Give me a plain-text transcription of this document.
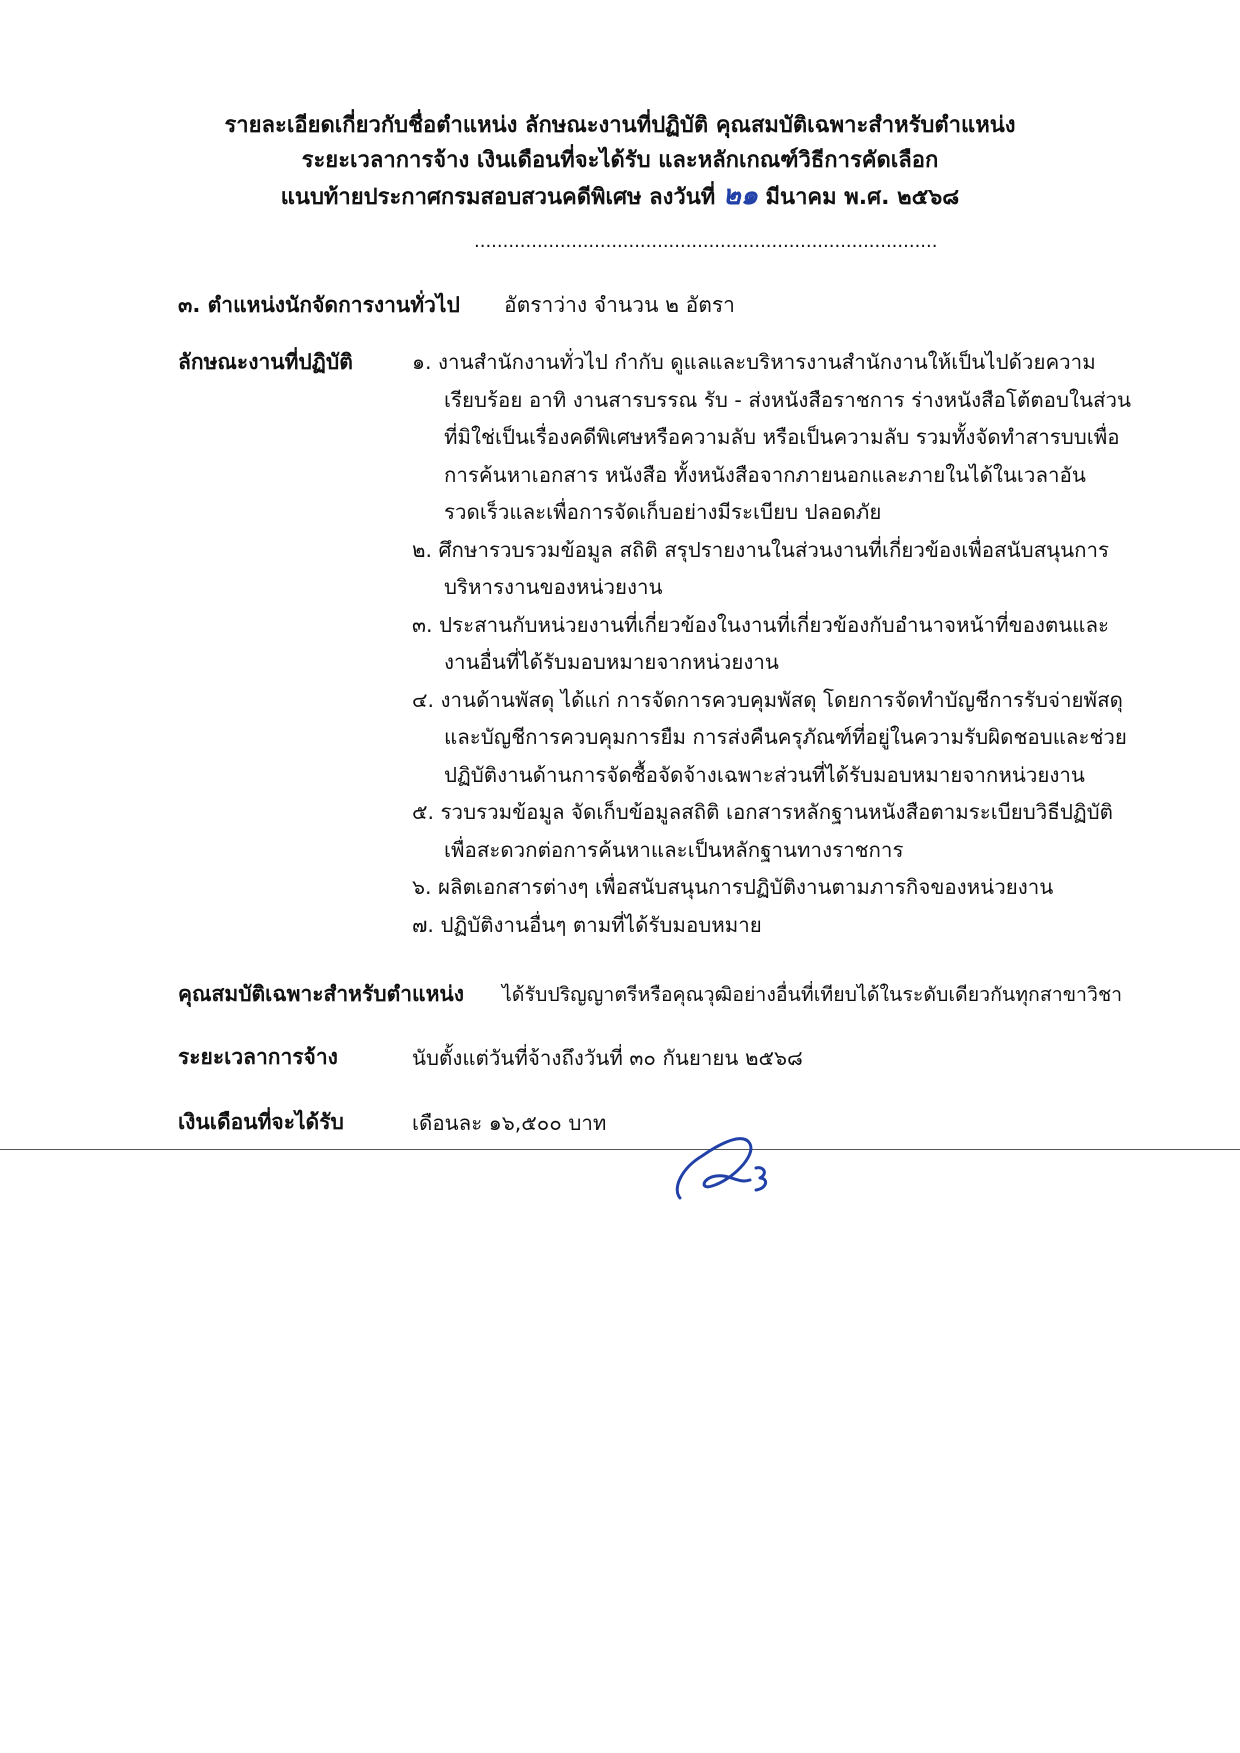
รายละเอียดเกี่ยวกับชื่อตำแหน่ง ลักษณะงานที่ปฏิบัติ คุณสมบัติเฉพาะสำหรับตำแหน่ง
ระยะเวลาการจ้าง เงินเดือนที่จะได้รับ และหลักเกณฑ์วิธีการคัดเลือก
แนบท้ายประกาศกรมสอบสวนคดีพิเศษ ลงวันที่ ๒๑ มีนาคม พ.ศ. ๒๕๖๘
.................................................................................
๓. ตำแหน่งนักจัดการงานทั่วไป อัตราว่าง จำนวน ๒ อัตรา
ลักษณะงานที่ปฏิบัติ	๑. งานสำนักงานทั่วไป กำกับ ดูแลและบริหารงานสำนักงานให้เป็นไปด้วยความเรียบร้อย อาทิ งานสารบรรณ รับ - ส่งหนังสือราชการ ร่างหนังสือโต้ตอบในส่วนที่มิใช่เป็นเรื่องคดีพิเศษหรือความลับ หรือเป็นความลับ รวมทั้งจัดทำสารบบเพื่อการค้นหาเอกสาร หนังสือ ทั้งหนังสือจากภายนอกและภายในได้ในเวลาอันรวดเร็วและเพื่อการจัดเก็บอย่างมีระเบียบ ปลอดภัย
๒. ศึกษารวบรวมข้อมูล สถิติ สรุปรายงานในส่วนงานที่เกี่ยวข้องเพื่อสนับสนุนการบริหารงานของหน่วยงาน
๓. ประสานกับหน่วยงานที่เกี่ยวข้องในงานที่เกี่ยวข้องกับอำนาจหน้าที่ของตนและงานอื่นที่ได้รับมอบหมายจากหน่วยงาน
๔. งานด้านพัสดุ ได้แก่ การจัดการควบคุมพัสดุ โดยการจัดทำบัญชีการรับจ่ายพัสดุและบัญชีการควบคุมการยืม การส่งคืนครุภัณฑ์ที่อยู่ในความรับผิดชอบและช่วยปฏิบัติงานด้านการจัดซื้อจัดจ้างเฉพาะส่วนที่ได้รับมอบหมายจากหน่วยงาน
๕. รวบรวมข้อมูล จัดเก็บข้อมูลสถิติ เอกสารหลักฐานหนังสือตามระเบียบวิธีปฏิบัติเพื่อสะดวกต่อการค้นหาและเป็นหลักฐานทางราชการ
๖. ผลิตเอกสารต่างๆ เพื่อสนับสนุนการปฏิบัติงานตามภารกิจของหน่วยงาน
๗. ปฏิบัติงานอื่นๆ ตามที่ได้รับมอบหมาย
คุณสมบัติเฉพาะสำหรับตำแหน่ง ได้รับปริญญาตรีหรือคุณวุฒิอย่างอื่นที่เทียบได้ในระดับเดียวกันทุกสาขาวิชา
ระยะเวลาการจ้าง	นับตั้งแต่วันที่จ้างถึงวันที่ ๓๐ กันยายน ๒๕๖๘
เงินเดือนที่จะได้รับ	เดือนละ ๑๖,๕๐๐ บาท
